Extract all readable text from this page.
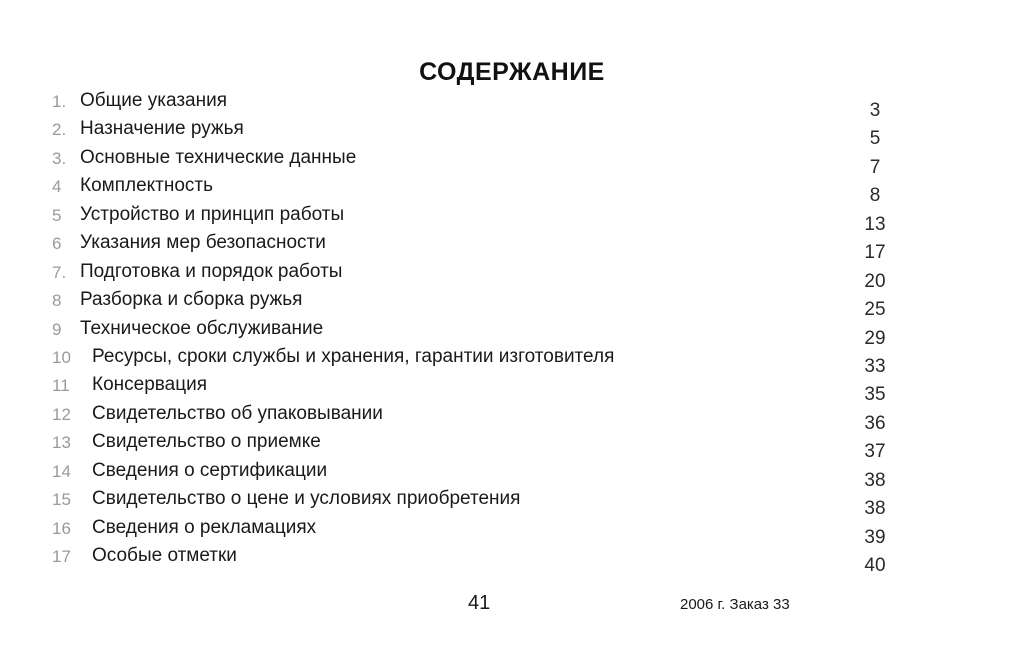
СОДЕРЖАНИЕ
1. Общие указания	3
2. Назначение ружья	5
3. Основные технические данные	7
4 Комплектность	8
5 Устройство и принцип работы	13
6 Указания мер безопасности	17
7. Подготовка и порядок работы	20
8 Разборка и сборка ружья	25
9 Техническое обслуживание	29
10 Ресурсы, сроки службы и хранения, гарантии изготовителя	33
11 Консервация	35
12 Свидетельство об упаковывании	36
13 Свидетельство о приемке	37
14 Сведения о сертификации	38
15 Свидетельство о цене и условиях приобретения	38
16 Сведения о рекламациях	39
17 Особые отметки	40
41	2006 г. Заказ 33
